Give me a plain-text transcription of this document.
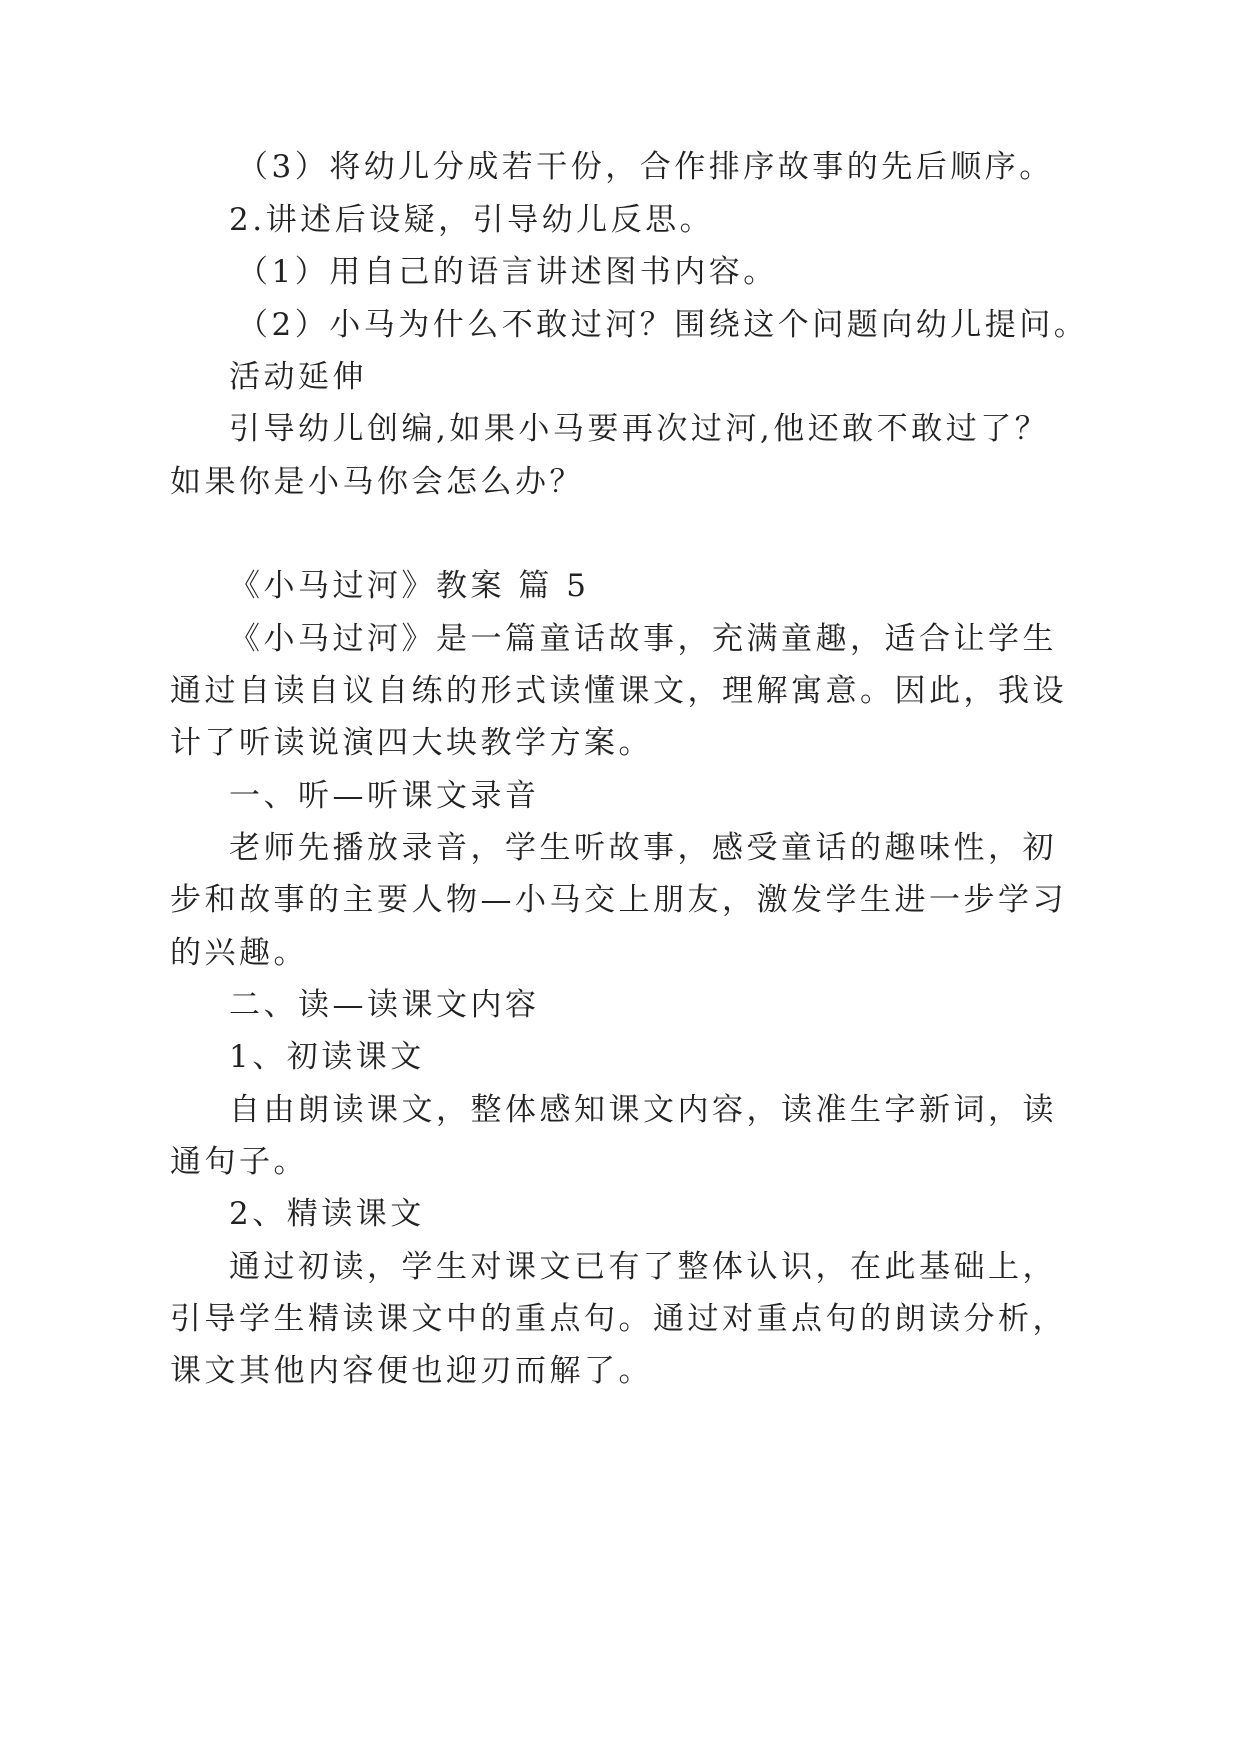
（3）将幼儿分成若干份，合作排序故事的先后顺序。
2.讲述后设疑，引导幼儿反思。
（1）用自己的语言讲述图书内容。
（2）小马为什么不敢过河？围绕这个问题向幼儿提问。
活动延伸
引导幼儿创编,如果小马要再次过河,他还敢不敢过了？
如果你是小马你会怎么办？
《小马过河》教案 篇 5
《小马过河》是一篇童话故事，充满童趣，适合让学生
通过自读自议自练的形式读懂课文，理解寓意。因此，我设
计了听读说演四大块教学方案。
一、听—听课文录音
老师先播放录音，学生听故事，感受童话的趣味性，初
步和故事的主要人物—小马交上朋友，激发学生进一步学习
的兴趣。
二、读—读课文内容
1、初读课文
自由朗读课文，整体感知课文内容，读准生字新词，读
通句子。
2、精读课文
通过初读，学生对课文已有了整体认识，在此基础上，
引导学生精读课文中的重点句。通过对重点句的朗读分析，
课文其他内容便也迎刃而解了。
